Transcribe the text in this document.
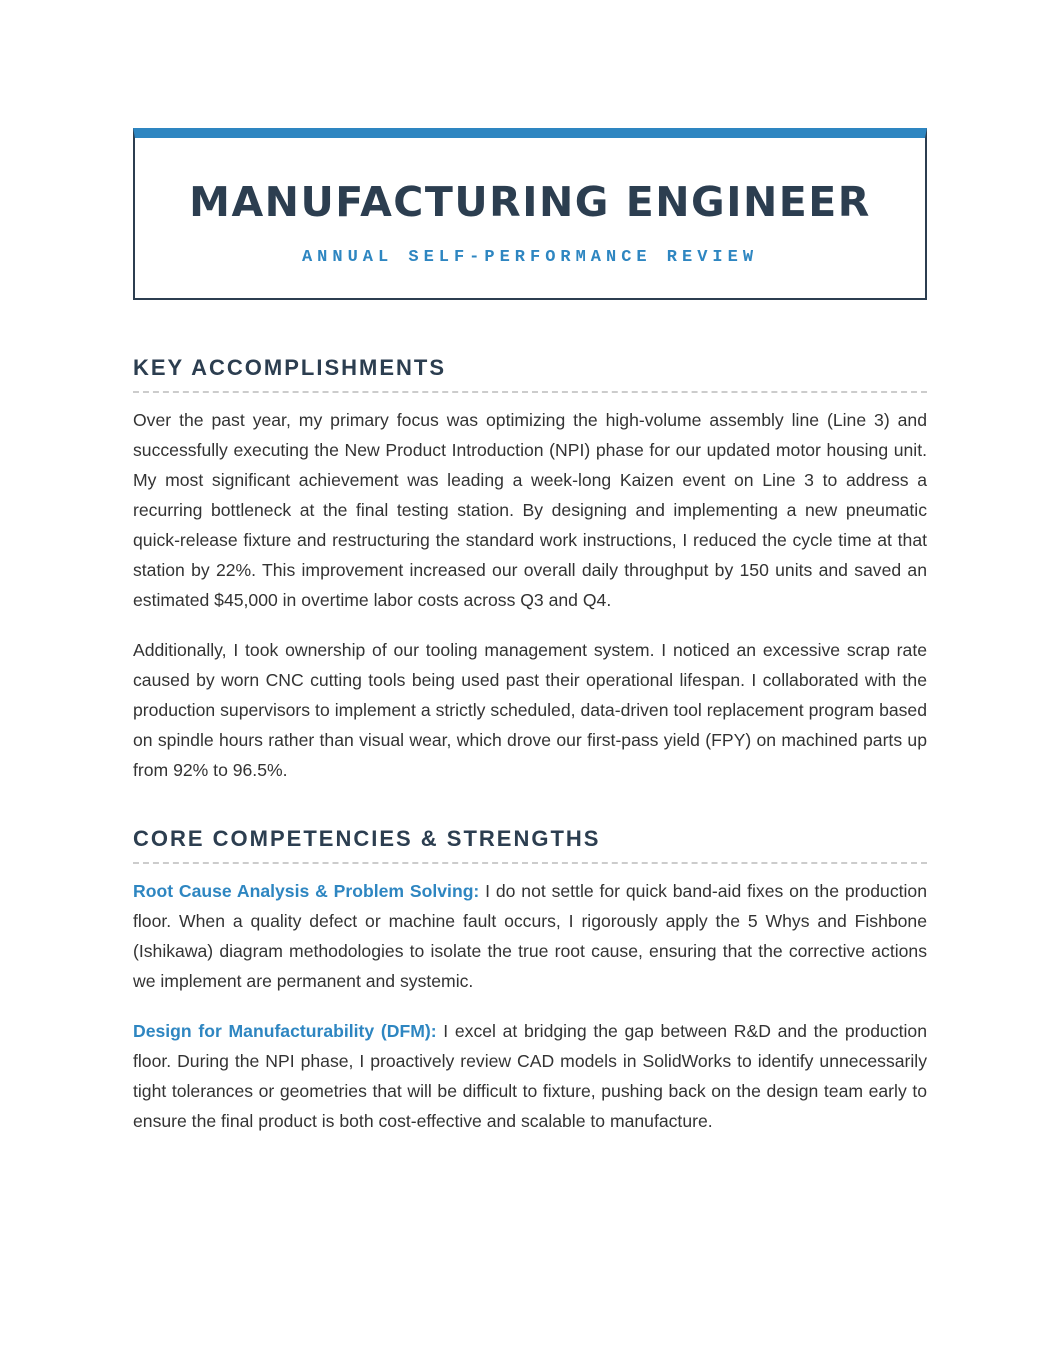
MANUFACTURING ENGINEER
ANNUAL SELF-PERFORMANCE REVIEW
KEY ACCOMPLISHMENTS

Over the past year, my primary focus was optimizing the high-volume assembly line (Line 3) and successfully executing the New Product Introduction (NPI) phase for our updated motor housing unit. My most significant achievement was leading a week-long Kaizen event on Line 3 to address a recurring bottleneck at the final testing station. By designing and implementing a new pneumatic quick-release fixture and restructuring the standard work instructions, I reduced the cycle time at that station by 22%. This improvement increased our overall daily throughput by 150 units and saved an estimated $45,000 in overtime labor costs across Q3 and Q4.

Additionally, I took ownership of our tooling management system. I noticed an excessive scrap rate caused by worn CNC cutting tools being used past their operational lifespan. I collaborated with the production supervisors to implement a strictly scheduled, data-driven tool replacement program based on spindle hours rather than visual wear, which drove our first-pass yield (FPY) on machined parts up from 92% to 96.5%.

CORE COMPETENCIES & STRENGTHS

Root Cause Analysis & Problem Solving: I do not settle for quick band-aid fixes on the production floor. When a quality defect or machine fault occurs, I rigorously apply the 5 Whys and Fishbone (Ishikawa) diagram methodologies to isolate the true root cause, ensuring that the corrective actions we implement are permanent and systemic.

Design for Manufacturability (DFM): I excel at bridging the gap between R&D and the production floor. During the NPI phase, I proactively review CAD models in SolidWorks to identify unnecessarily tight tolerances or geometries that will be difficult to fixture, pushing back on the design team early to ensure the final product is both cost-effective and scalable to manufacture.
